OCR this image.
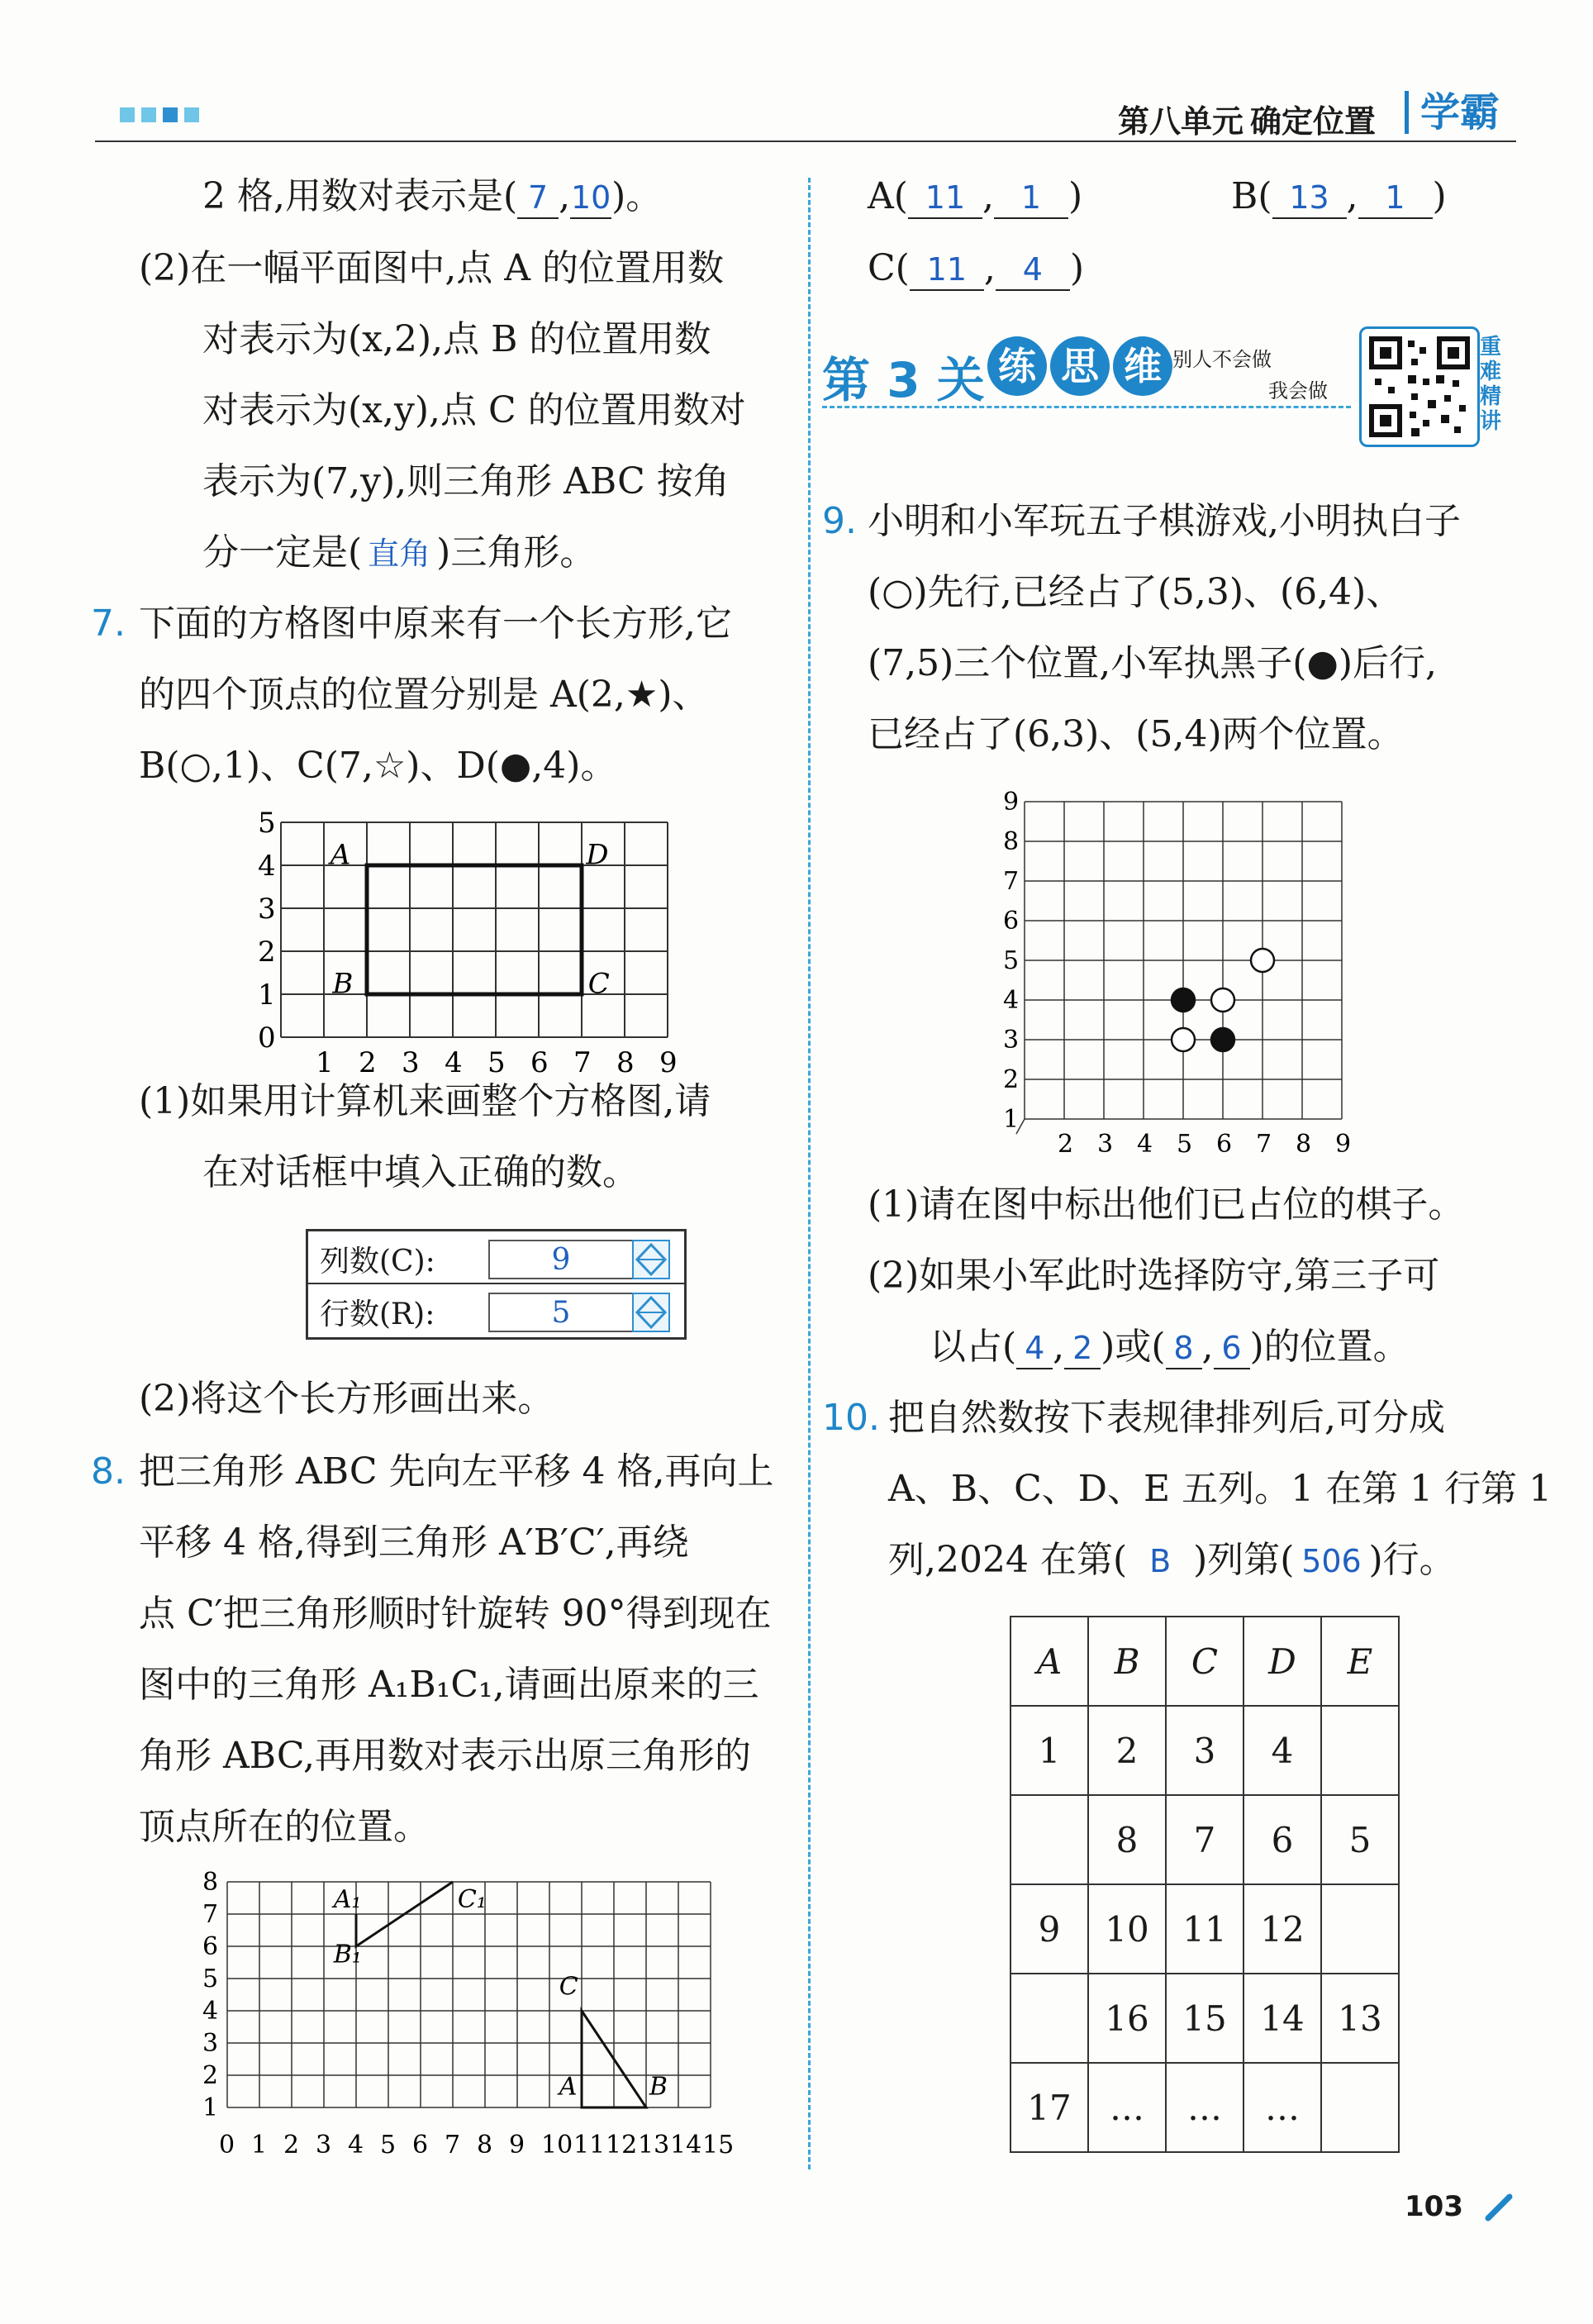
第八单元 确定位置	学霸
2 格,用数对表示是( 7 ,10)。
(2)在一幅平面图中,点 A 的位置用数
对表示为(x,2),点 B 的位置用数
对表示为(x,y),点 C 的位置用数对
表示为(7,y),则三角形 ABC 按角
分一定是( 直角 )三角形。
7. 下面的方格图中原来有一个长方形,它
的四个顶点的位置分别是 A(2,★)、
B(○,1)、C(7,☆)、D(●,4)。
0
1
2
3
4
5
1 2 3 4 5 6 7 8 9
A	D
B	C
(1)如果用计算机来画整个方格图,请
在对话框中填入正确的数。
列数(C):	9
行数(R):	5
(2)将这个长方形画出来。
8. 把三角形 ABC 先向左平移 4 格,再向上
平移 4 格,得到三角形 A′B′C′,再绕
点 C′把三角形顺时针旋转 90°得到现在
图中的三角形 A₁B₁C₁,请画出原来的三
角形 ABC,再用数对表示出原三角形的
顶点所在的位置。
0 1 2 3 4 5 6 7 8 9 10 11 12 13 14 15
1
2
3
4
5
6
7
8
A₁
B₁
C₁
A	B
C
A( 11 , 1 )	B( 13 , 1 )
C( 11 , 4 )
第 3 关 练 思 维 别人不会做
我会做
重
难
精
讲
9. 小明和小军玩五子棋游戏,小明执白子
(○)先行,已经占了(5,3)、(6,4)、
(7,5)三个位置,小军执黑子(●)后行,
已经占了(6,3)、(5,4)两个位置。
1
2
3
4
5
6
7
8
9
2 3 4 5 6 7 8 9
(1)请在图中标出他们已占位的棋子。
(2)如果小军此时选择防守,第三子可
以占( 4 , 2 )或( 8 , 6 )的位置。
10. 把自然数按下表规律排列后,可分成
A、B、C、D、E 五列。1 在第 1 行第 1
列,2024 在第( B )列第( 506 )行。
A	B	C	D	E
1	2	3	4	
	8	7	6	5
9	10	11	12	
	16	15	14	13
17	…	…	…	
103
